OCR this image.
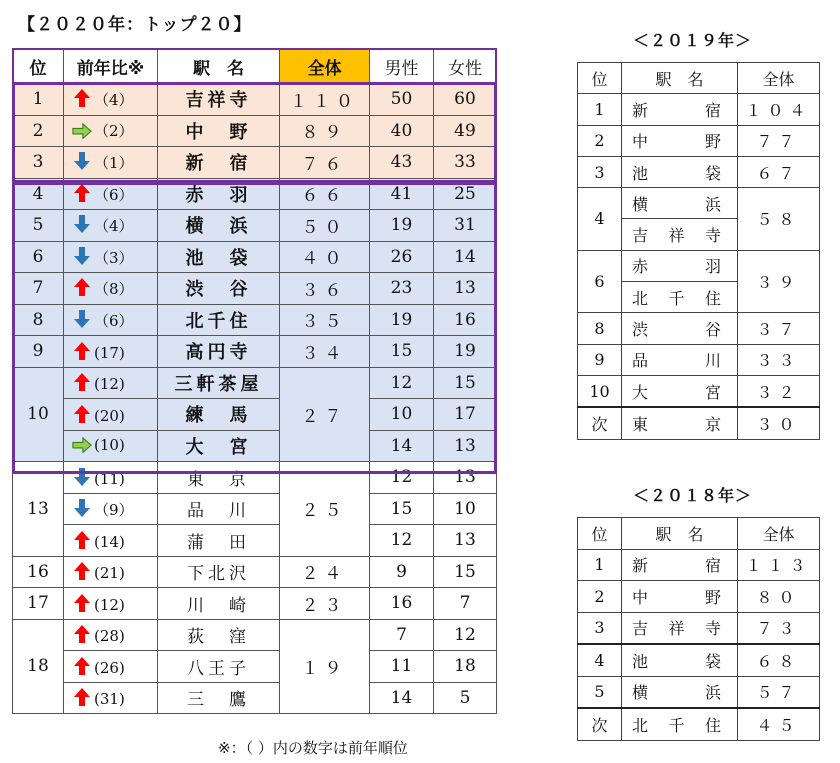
【２０２０年：トップ２０】
位	前年比※	駅　名	全体	男性	女性
1	（4）	吉祥寺	１１０	50	60
2	（2）	中　野	８９	40	49
3	（1）	新　宿	７６	43	33
4	（6）	赤　羽	６６	41	25
5	（4）	横　浜	５０	19	31
6	（3）	池　袋	４０	26	14
7	（8）	渋　谷	３６	23	13
8	（6）	北千住	３５	19	16
9	(17)	高円寺	３４	15	19
10	(12)	三軒茶屋	２７	12	15
	(20)	練　馬		10	17
	(10)	大　宮		14	13
13	(11)	東　京	２５	12	13
	（9）	品　川		15	10
	(14)	蒲　田		12	13
16	(21)	下北沢	２４	9	15
17	(12)	川　崎	２３	16	7
18	(28)	荻　窪	１９	7	12
	(26)	八王子		11	18
	(31)	三　鷹		14	5
※：（ ）内の数字は前年順位
＜２０１９年＞
位	駅　名	全体
1	新宿	１０４
2	中野	７７
3	池袋	６７
4	横浜	５８
	吉祥寺	
6	赤羽	３９
	北千住	
8	渋谷	３７
9	品川	３３
10	大宮	３２
次	東京	３０
＜２０１８年＞
位	駅　名	全体
1	新宿	１１３
2	中野	８０
3	吉祥寺	７３
4	池袋	６８
5	横浜	５７
次	北千住	４５
